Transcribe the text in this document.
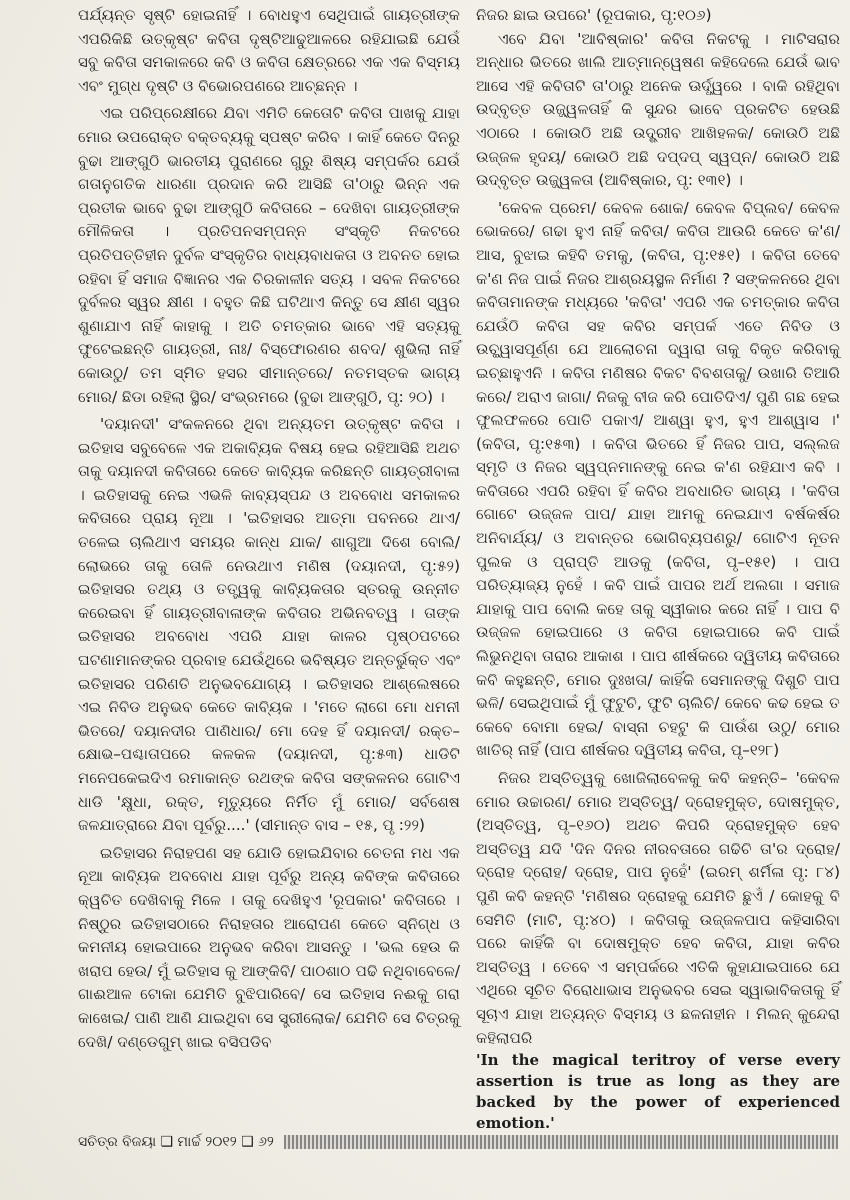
ପର୍ଯ୍ୟନ୍ତ ସୃଷ୍ଟି ହୋଇନାହିଁ । ବୋଧହୁଏ ସେଥିପାଇଁ ଗାୟତ୍ରୀଙ୍କ ଏପରିକିଛି ଉତ୍କୃଷ୍ଟ କବିତା ଦୃଷ୍ଟିଆଢୁଆଳରେ ରହିଯାଇଛି ଯେଉଁ ସବୁ କବିତା ସମକାଳରେ କବି ଓ କବିତା କ୍ଷେତ୍ରରେ ଏକ ଏକ ବିସ୍ମୟ ଏବଂ ମୁଗ୍ଧ ଦୃଷ୍ଟି ଓ ବିଭୋରପଣରେ ଆଚ୍ଛନ୍ନ ।

ଏଇ ପରିପ୍ରେକ୍ଷୀରେ ଯିବା ଏମିତି କେତୋଟି କବିତା ପାଖକୁ ଯାହା ମୋର ଉପରୋକ୍ତ ବକ୍ତବ୍ୟକୁ ସ୍ପଷ୍ଟ କରିବ । କାହିଁ କେତେ ଦିନରୁ ବୁଢା ଆଙ୍ଗୁଠି ଭାରତୀୟ ପୁରାଣରେ ଗୁରୁ ଶିଷ୍ୟ ସମ୍ପର୍କର ଯେଉଁ ଗତାନୁଗତିକ ଧାରଣା ପ୍ରଦାନ କରି ଆସିଛି ତା'ଠାରୁ ଭିନ୍ନ ଏକ ପ୍ରତୀକ ଭାବେ ବୁଢା ଆଙ୍ଗୁଠି କବିତାରେ – ଦେଖିବା ଗାୟତ୍ରୀଙ୍କ ମୌଳିକତା । ପ୍ରତିପନସମ୍ପନ୍ନ ସଂସ୍କୃତି ନିକଟରେ ପ୍ରତିପତ୍ତିହୀନ ଦୁର୍ବଳ ସଂସ୍କୃତିର ବାଧ୍ୟବାଧକତା ଓ ଅବନତ ହୋଇ ରହିବା ହିଁ ସମାଜ ବିଜ୍ଞାନର ଏକ ଚିରକାଳୀନ ସତ୍ୟ । ସବଳ ନିକଟରେ ଦୁର୍ବଳର ସ୍ୱର କ୍ଷୀଣ । ବହୁତ କିଛି ଘଟିଥାଏ କିନ୍ତୁ ସେ କ୍ଷୀଣ ସ୍ୱର ଶୁଣାଯାଏ ନାହିଁ କାହାକୁ । ଅତି ଚମତ୍କାର ଭାବେ ଏହି ସତ୍ୟକୁ ଫୁଟେଇଛନ୍ତି ଗାୟତ୍ରୀ, ନାଃ/ ବିସ୍ଫୋରଣର ଶବଦ/ ଶୁଭିଲା ନାହିଁ କୋଉଠୁ/ ତମ ସ୍ମିତ ହସର ସୀମାନ୍ତରେ/ ନତମସ୍ତକ ଭାଗ୍ୟ ମୋର/ ଛିଡା ରହିଲା ସ୍ଥିର/ ସଂଭ୍ରମରେ (ବୁଢା ଆଙ୍ଗୁଠି, ପୃ: ୨୦) ।

'ଦୟାନଦୀ' ସଂକଳନରେ ଥିବା ଅନ୍ୟତମ ଉତ୍କୃଷ୍ଟ କବିତା । ଇତିହାସ ସବୁବେଳେ ଏକ ଅକାବ୍ୟିକ ବିଷୟ ହେଇ ରହିଆସିଛି ଅଥଚ ତାକୁ ଦୟାନଦୀ କବିତାରେ କେତେ କାବ୍ୟିକ କରିଛନ୍ତି ଗାୟତ୍ରୀବାଳା । ଇତିହାସକୁ ନେଇ ଏଭଳି କାବ୍ୟସ୍ପନ୍ଦ ଓ ଅବବୋଧ ସମକାଳର କବିତାରେ ପ୍ରାୟ ନୂଆ । 'ଇତିହାସର ଆତ୍ମା ପବନରେ ଥାଏ/ ତଳେଇ ଚାଲିଥାଏ ସମୟର କାନ୍ଧ ଯାକ/ ଶାଗୁଆ ଦିଶେ ବୋଲି/ ଲୋଭରେ ତାକୁ ତୋଳି ନେଉଥାଏ ମଣିଷ (ଦୟାନଦୀ, ପୃ:୫୨) ଇତିହାସର ତଥ୍ୟ ଓ ତତ୍ତ୍ୱକୁ କାବ୍ୟିକତାର ସ୍ତରକୁ ଉନ୍ନୀତ କରେଇବା ହିଁ ଗାୟତ୍ରୀବାଳାଙ୍କ କବିତାର ଅଭିନବତ୍ୱ । ତାଙ୍କ ଇତିହାସର ଅବବୋଧ ଏପରି ଯାହା କାଳର ପୃଷ୍ଠପଟରେ ଘଟଣାମାନଙ୍କର ପ୍ରବାହ ଯେଉଁଥିରେ ଭବିଷ୍ୟତ ଅନ୍ତର୍ଭୁକ୍ତ ଏବଂ ଇତିହାସର ପରିଣତି ଅନୁଭବଯୋଗ୍ୟ । ଇତିହାସର ଆଶ୍ଲେଷରେ ଏଇ ନିବିଡ ଅନୁଭବ କେତେ କାବ୍ୟିକ । 'ମତେ ଲାଗେ ମୋ ଧମନୀ ଭିତରେ/ ଦୟାନଦୀର ପାଣିଧାର/ ମୋ ଦେହ ହିଁ ଦୟାନଦୀ/ ରକ୍ତ–କ୍ଷୋଭ–ପଶ୍ଚାତାପରେ କଳକଳ (ଦୟାନଦୀ, ପୃ:୫୩) ଧାଡିଟି ମନେପକେଇଦିଏ ରମାକାନ୍ତ ରଥଙ୍କ କବିତା ସଙ୍କଳନର ଗୋଟିଏ ଧାଡି 'କ୍ଷୁଧା, ରକ୍ତ, ମୃତ୍ୟୁରେ ନିର୍ମିତ ମୁଁ ମୋର/ ସର୍ବଶେଷ ଜଳଯାତ୍ରାରେ ଯିବା ପୂର୍ବରୁ....' (ସୀମାନ୍ତ ବାସ – ୧୫, ପୃ :୨୨)

ଇତିହାସର ନିରାହପଣ ସହ ଯୋଡି ହୋଇଯିବାର ଚେତନା ମଧ ଏକ ନୂଆ କାବ୍ୟିକ ଅବବୋଧ ଯାହା ପୂର୍ବରୁ ଅନ୍ୟ କବିଙ୍କ କବିତାରେ କ୍ୱଚିତ ଦେଖିବାକୁ ମିଳେ । ତାକୁ ଦେଖିହୁଏ 'ରୂପକାର' କବିତାରେ । ନିଷ୍ଠୁର ଇତିହାସଠାରେ ନିରାହତାର ଆରୋପଣ କେତେ ସ୍ନିଗ୍ଧ ଓ କମନୀୟ ହୋଇପାରେ ଅନୁଭବ କରିବା ଆସନ୍ତୁ । 'ଭଲ ହେଉ କି ଖରାପ ହେଉ/ ମୁଁ ଇତିହାସ କୁ ଆଙ୍କିବି/ ପାଠଶାଠ ପଢି ନଥିବାବେଳେ/ ଗାଈଆଳ ଟୋକା ଯେମିତି ବୁଝିପାରିବେ/ ସେ ଇତିହାସ ନଈକୁ ଗରା କାଖେଇ/ ପାଣି ଆଣି ଯାଇଥିବା ସେ ସ୍ତ୍ରୀଲୋକ/ ଯେମିତି ସେ ଚିତ୍ରକୁ ଦେଖି/ ଦଣ୍ଡେଗୁମ୍ ଖାଇ ବସିପଡିବ

ନିଜର ଛାଇ ଉପରେ' (ରୂପକାର, ପୃ:୧୦୬)

ଏବେ ଯିବା 'ଆବିଷ୍କାର' କବିତା ନିକଟକୁ । ମାଟିସରାର ଅନ୍ଧାର ଭିତରେ ଖାଲି ଆତ୍ମାନ୍ୱେଷଣ କହିଦେଲେ ଯେଉଁ ଭାବ ଆସେ ଏହି କବିତାଟି ତା'ଠାରୁ ଅନେକ ଊର୍ଦ୍ଧ୍ୱରେ । ବାକି ରହିଥିବା ଉଦ୍ବୃତ୍ତ ଉଜ୍ଜ୍ୱଳତାହିଁ କି ସୁନ୍ଦର ଭାବେ ପ୍ରକଟିତ ହେଉଛି ଏଠାରେ । କୋଉଠି ଅଛି ଉଦ୍ଗ୍ରୀବ ଆଖିହଳକ/ କୋଉଠି ଅଛି ଉଜ୍ଜଳ ହୃଦୟ/ କୋଉଠି ଅଛି ଦପ୍‌ଦପ୍ ସ୍ୱପ୍ନ/ କୋଉଠି ଅଛି ଉଦ୍ବୃତ୍ତ ଉଜ୍ଜ୍ୱଳତା (ଆବିଷ୍କାର, ପୃ: ୧୩୧) ।

'କେବଳ ପ୍ରେମ/ କେବଳ ଶୋକ/ କେବଳ ବିପ୍ଲବ/ କେବଳ ଭୋକରେ/ ଗଢା ହୁଏ ନାହିଁ କବିତା/ କବିତା ଆଉରି କେତେ କ'ଣ/ ଆସ, ବୁଝାଇ କହିବି ତମକୁ, (କବିତା, ପୃ:୧୫୧) । କବିତା ତେବେ କ'ଣ ନିଜ ପାଇଁ ନିଜର ଆଶ୍ରୟସ୍ଥଳ ନିର୍ମାଣ ? ସଙ୍କଳନରେ ଥିବା କବିତାମାନଙ୍କ ମଧ୍ୟରେ 'କବିତା' ଏପରି ଏକ ଚମତ୍କାର କବିତା ଯେଉଁଠି କବିତା ସହ କବିର ସମ୍ପର୍କ ଏତେ ନିବିଡ ଓ ଉଚ୍ଛ୍ୱାସପୂର୍ଣ୍ଣ ଯେ ଆଲୋଚନା ଦ୍ୱାରା ତାକୁ ବିକୃତ କରିବାକୁ ଇଚ୍ଛାହୁଏନି । କବିତା ମଣିଷର ବିକଟ ବିବଶତାକୁ/ ଉଖାରି ତିଆରି କରେ/ ଅରାଏ ଜାଗା/ ନିଜକୁ ବୀଜ କରି ପୋତିଦିଏ/ ପୁଣି ଗଛ ହେଇ ଫୁଲଫଳରେ ପୋତି ପକାଏ/ ଆଶ୍ୱା ହୁଏ, ହୁଏ ଆଶ୍ୱାସ ।' (କବିତା, ପୃ:୧୫୩) । କବିତା ଭିତରେ ହିଁ ନିଜର ପାପ, ସଲ୍ଲଜ ସ୍ମୃତି ଓ ନିଜର ସ୍ୱପ୍ନମାନଙ୍କୁ ନେଇ କ'ଣ ରହିଯାଏ କବି । କବିତାରେ ଏପରି ରହିବା ହିଁ କବିର ଅବଧାରିତ ଭାଗ୍ୟ । 'କବିତା ଗୋଟେ ଉଜ୍ଜଳ ପାପ/ ଯାହା ଆମକୁ ନେଇଯାଏ ବର୍ଷକର୍ଷର ଅନିବାର୍ଯ୍ୟ/ ଓ ଅବାନ୍ତର ଭୋଗିବ୍ୟପଣରୁ/ ଗୋଟିଏ ନୂତନ ପୁଲକ ଓ ପ୍ରାପ୍ତି ଆଡକୁ (କବିତା, ପୃ–୧୫୧) । ପାପ ପରିତ୍ୟାଜ୍ୟ ନୁହେଁ । କବି ପାଇଁ ପାପର ଅର୍ଥ ଅଲଗା । ସମାଜ ଯାହାକୁ ପାପ ବୋଲି କହେ ତାକୁ ସ୍ୱୀକାର କରେ ନାହିଁ । ପାପ ବି ଉଜ୍ଜଳ ହୋଇପାରେ ଓ କବିତା ହୋଇପାରେ କବି ପାଇଁ ଲିଭୁନଥିବା ତାରାର ଆକାଶ । ପାପ ଶୀର୍ଷକରେ ଦ୍ୱିତୀୟ କବିତାରେ କବି କହୁଛନ୍ତି, ମୋର ଦୁଃଖତା/ କାହିଁକି ସେମାନଙ୍କୁ ଦିଶୁଚି ପାପ ଭଳି/ ସେଇଥିପାଇଁ ମୁଁ ଫୁଟୁଚି, ଫୁଟି ଚାଲିଚି/ କେବେ କଢ ହେଇ ତ କେବେ ବୋମା ହେଇ/ ବାସ୍ନା ଚହଟୁ କି ପାଉଁଶ ଉଠୁ/ ମୋର ଖାତିର୍ ନାହିଁ (ପାପ ଶୀର୍ଷକର ଦ୍ୱିତୀୟ କବିତା, ପୃ–୧୨୮)

ନିଜର ଅସ୍ତିତ୍ୱକୁ ଖୋଜିଲାବେଳକୁ କବି କହନ୍ତି– 'କେବଳ ମୋର ଉଚ୍ଚାରଣ/ ମୋର ଅସ୍ତିତ୍ୱ/ ଦ୍ରୋହମୁକ୍ତ, ଦୋଷମୁକ୍ତ, (ଅସ୍ତିତ୍ୱ, ପୃ–୧୬୦) ଅଥଚ କିପରି ଦ୍ରୋହମୁକ୍ତ ହେବ ଅସ୍ତିତ୍ୱ ଯଦି 'ଦିନ ଦିନର ନୀରବତାରେ ଗଢିଚି ତା'ର ଦ୍ରୋହ/ ଦ୍ରୋହ ଦ୍ରୋହ/ ଦ୍ରୋହ, ପାପ ନୁହେଁ' (ଇରମ୍ ଶର୍ମିଳା ପୃ: ୮୪) ପୁଣି କବି କହନ୍ତି 'ମଣିଷର ଦ୍ରୋହକୁ ଯେମିତି ଛୁଏଁ / କୋହକୁ ବି ସେମିତି (ମାଟି, ପୃ:୪୦) । କବିତାକୁ ଉଜ୍ଜଳପାପ କହିସାରିବା ପରେ କାହିଁକି ବା ଦୋଷମୁକ୍ତ ହେବ କବିତା, ଯାହା କବିର ଅସ୍ତିତ୍ୱ । ତେବେ ଏ ସମ୍ପର୍କରେ ଏତିକି କୁହାଯାଇପାରେ ଯେ ଏଥିରେ ସୂଚିତ ବିରୋଧାଭାସ ଅନୁଭବର ସେଇ ସ୍ୱାଭାବିକତାକୁ ହିଁ ସୂଚାଏ ଯାହା ଅତ୍ୟନ୍ତ ବିସ୍ମୟ ଓ ଛଳନାହୀନ । ମିଲନ୍ କୁନ୍ଦେରା କହିଲାପରି

'In the magical teritroy of verse every assertion is true as long as they are backed by the power of experienced emotion.'

ସଚିତ୍ର ବିଜୟା ❑ ମାର୍ଚ୍ଚ ୨୦୧୨ ❑ ୬୨
